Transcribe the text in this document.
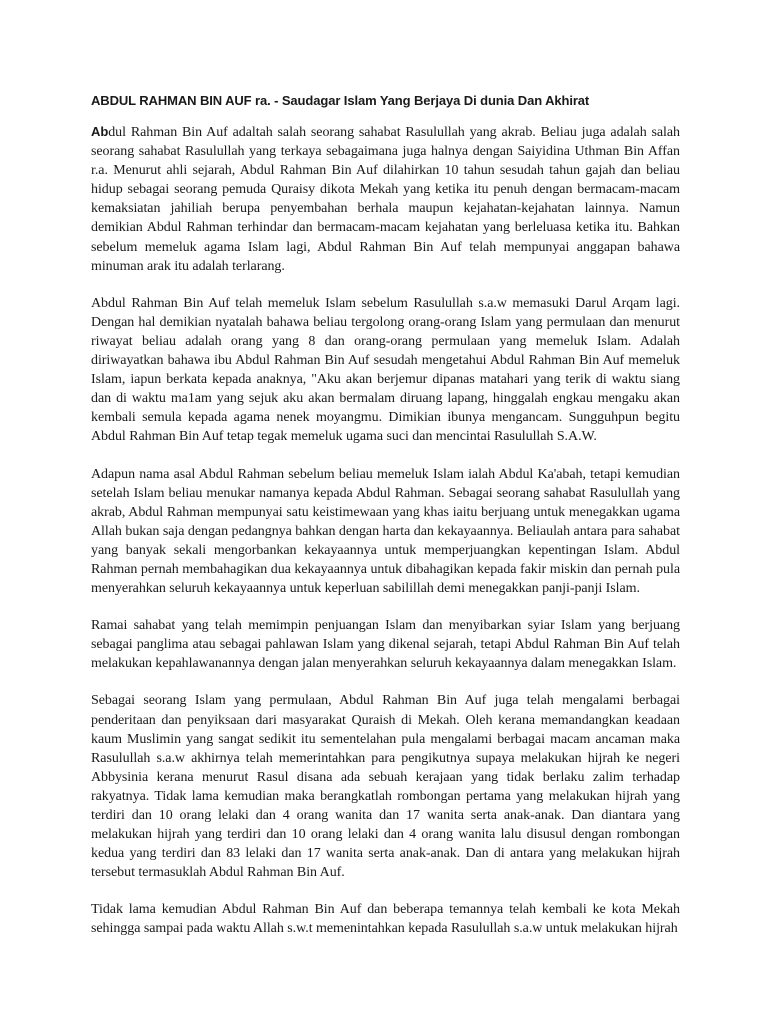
ABDUL RAHMAN BIN AUF ra. - Saudagar Islam Yang Berjaya Di dunia Dan Akhirat

Abdul Rahman Bin Auf adaltah salah seorang sahabat Rasulullah yang akrab. Beliau juga adalah salah seorang sahabat Rasulullah yang terkaya sebagaimana juga halnya dengan Saiyidina Uthman Bin Affan r.a. Menurut ahli sejarah, Abdul Rahman Bin Auf dilahirkan 10 tahun sesudah tahun gajah dan beliau hidup sebagai seorang pemuda Quraisy dikota Mekah yang ketika itu penuh dengan bermacam-macam kemaksiatan jahiliah berupa penyembahan berhala maupun kejahatan-kejahatan lainnya. Namun demikian Abdul Rahman terhindar dan bermacam-macam kejahatan yang berleluasa ketika itu. Bahkan sebelum memeluk agama Islam lagi, Abdul Rahman Bin Auf telah mempunyai anggapan bahawa minuman arak itu adalah terlarang.

Abdul Rahman Bin Auf telah memeluk Islam sebelum Rasulullah s.a.w memasuki Darul Arqam lagi. Dengan hal demikian nyatalah bahawa beliau tergolong orang-orang Islam yang permulaan dan menurut riwayat beliau adalah orang yang 8 dan orang-orang permulaan yang memeluk Islam. Adalah diriwayatkan bahawa ibu Abdul Rahman Bin Auf sesudah mengetahui Abdul Rahman Bin Auf memeluk Islam, iapun berkata kepada anaknya, "Aku akan berjemur dipanas matahari yang terik di waktu siang dan di waktu ma1am yang sejuk aku akan bermalam diruang lapang, hinggalah engkau mengaku akan kembali semula kepada agama nenek moyangmu. Dimikian ibunya mengancam. Sungguhpun begitu Abdul Rahman Bin Auf tetap tegak memeluk ugama suci dan mencintai Rasulullah S.A.W.

Adapun nama asal Abdul Rahman sebelum beliau memeluk Islam ialah Abdul Ka'abah, tetapi kemudian setelah Islam beliau menukar namanya kepada Abdul Rahman. Sebagai seorang sahabat Rasulullah yang akrab, Abdul Rahman mempunyai satu keistimewaan yang khas iaitu berjuang untuk menegakkan ugama Allah bukan saja dengan pedangnya bahkan dengan harta dan kekayaannya. Beliaulah antara para sahabat yang banyak sekali mengorbankan kekayaannya untuk memperjuangkan kepentingan Islam. Abdul Rahman pernah membahagikan dua kekayaannya untuk dibahagikan kepada fakir miskin dan pernah pula menyerahkan seluruh kekayaannya untuk keperluan sabilillah demi menegakkan panji-panji Islam.

Ramai sahabat yang telah memimpin penjuangan Islam dan menyibarkan syiar Islam yang berjuang sebagai panglima atau sebagai pahlawan Islam yang dikenal sejarah, tetapi Abdul Rahman Bin Auf telah melakukan kepahlawanannya dengan jalan menyerahkan seluruh kekayaannya dalam menegakkan Islam.

Sebagai seorang Islam yang permulaan, Abdul Rahman Bin Auf juga telah mengalami berbagai penderitaan dan penyiksaan dari masyarakat Quraish di Mekah. Oleh kerana memandangkan keadaan kaum Muslimin yang sangat sedikit itu sementelahan pula mengalami berbagai macam ancaman maka Rasulullah s.a.w akhirnya telah memerintahkan para pengikutnya supaya melakukan hijrah ke negeri Abbysinia kerana menurut Rasul disana ada sebuah kerajaan yang tidak berlaku zalim terhadap rakyatnya. Tidak lama kemudian maka berangkatlah rombongan pertama yang melakukan hijrah yang terdiri dan 10 orang lelaki dan 4 orang wanita dan 17 wanita serta anak-anak. Dan diantara yang melakukan hijrah yang terdiri dan 10 orang lelaki dan 4 orang wanita lalu disusul dengan rombongan kedua yang terdiri dan 83 lelaki dan 17 wanita serta anak-anak. Dan di antara yang melakukan hijrah tersebut termasuklah Abdul Rahman Bin Auf.

Tidak lama kemudian Abdul Rahman Bin Auf dan beberapa temannya telah kembali ke kota Mekah sehingga sampai pada waktu Allah s.w.t memenintahkan kepada Rasulullah s.a.w untuk melakukan hijrah
